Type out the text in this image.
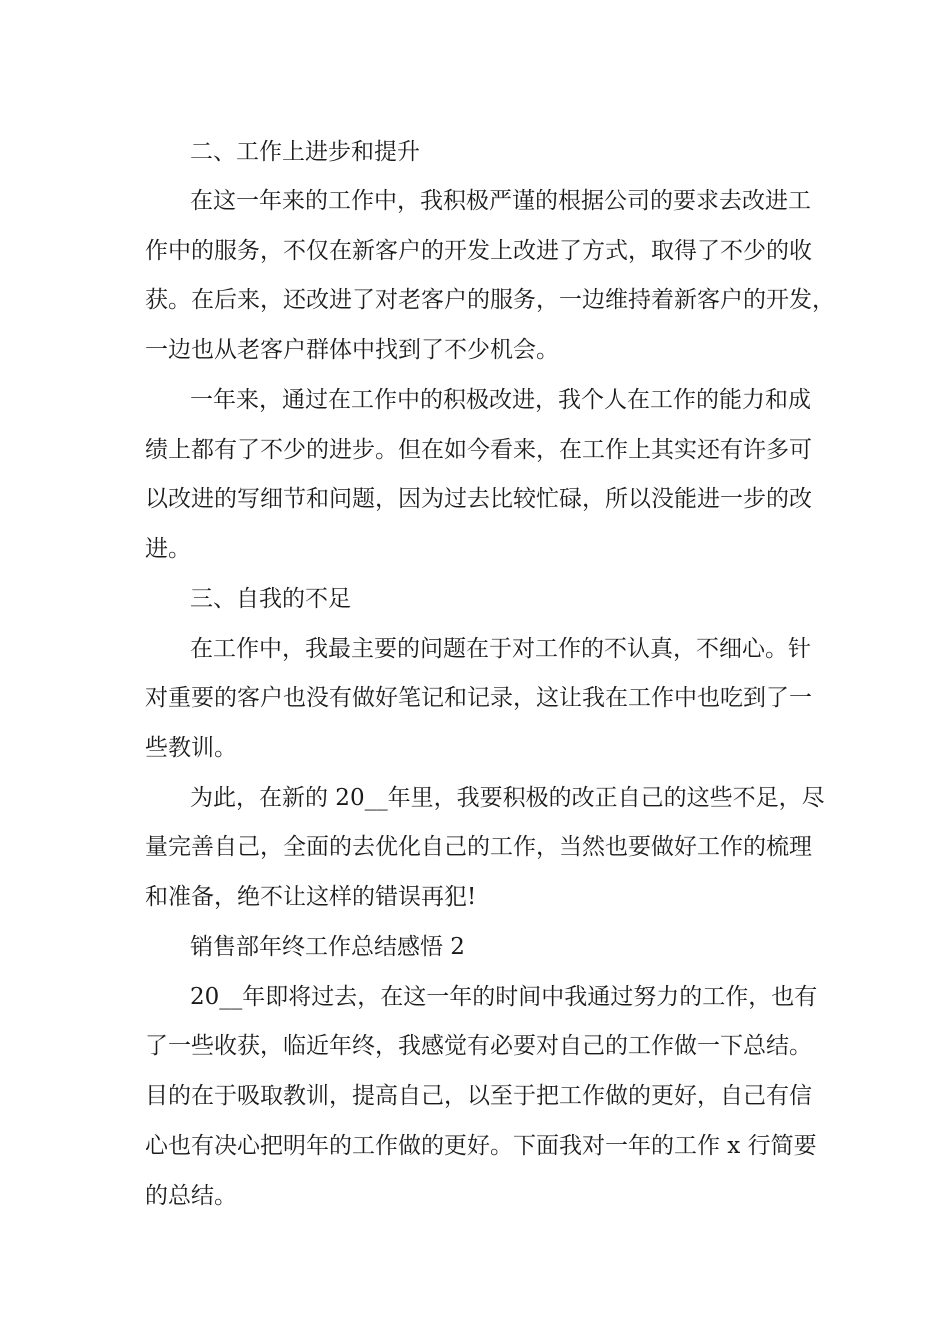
二、工作上进步和提升

在这一年来的工作中，我积极严谨的根据公司的要求去改进工

作中的服务，不仅在新客户的开发上改进了方式，取得了不少的收

获。在后来，还改进了对老客户的服务，一边维持着新客户的开发，

一边也从老客户群体中找到了不少机会。

一年来，通过在工作中的积极改进，我个人在工作的能力和成

绩上都有了不少的进步。但在如今看来，在工作上其实还有许多可

以改进的写细节和问题，因为过去比较忙碌，所以没能进一步的改

进。

三、自我的不足

在工作中，我最主要的问题在于对工作的不认真，不细心。针

对重要的客户也没有做好笔记和记录，这让我在工作中也吃到了一

些教训。

为此，在新的 20__年里，我要积极的改正自己的这些不足，尽

量完善自己，全面的去优化自己的工作，当然也要做好工作的梳理

和准备，绝不让这样的错误再犯!

销售部年终工作总结感悟 2

20__年即将过去，在这一年的时间中我通过努力的工作，也有

了一些收获，临近年终，我感觉有必要对自己的工作做一下总结。

目的在于吸取教训，提高自己，以至于把工作做的更好，自己有信

心也有决心把明年的工作做的更好。下面我对一年的工作 x 行简要

的总结。
